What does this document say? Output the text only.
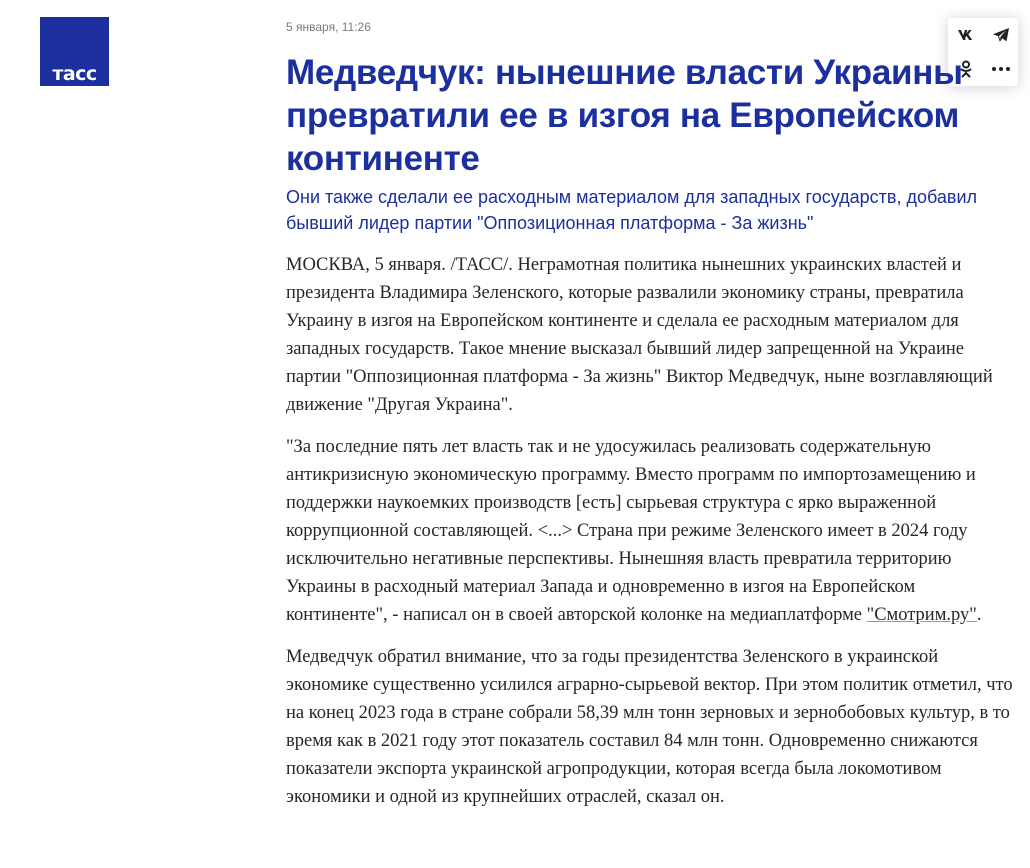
тасс
5 января, 11:26
Медведчук: нынешние власти Украины превратили ее в изгоя на Европейском континенте

Они также сделали ее расходным материалом для западных государств, добавил бывший лидер партии "Оппозиционная платформа - За жизнь"

МОСКВА, 5 января. /ТАСС/. Неграмотная политика нынешних украинских властей и президента Владимира Зеленского, которые развалили экономику страны, превратила Украину в изгоя на Европейском континенте и сделала ее расходным материалом для западных государств. Такое мнение высказал бывший лидер запрещенной на Украине партии "Оппозиционная платформа - За жизнь" Виктор Медведчук, ныне возглавляющий движение "Другая Украина".

"За последние пять лет власть так и не удосужилась реализовать содержательную антикризисную экономическую программу. Вместо программ по импортозамещению и поддержки наукоемких производств [есть] сырьевая структура с ярко выраженной коррупционной составляющей. <...> Страна при режиме Зеленского имеет в 2024 году исключительно негативные перспективы. Нынешняя власть превратила территорию Украины в расходный материал Запада и одновременно в изгоя на Европейском континенте", - написал он в своей авторской колонке на медиаплатформе "Смотрим.ру".

Медведчук обратил внимание, что за годы президентства Зеленского в украинской экономике существенно усилился аграрно-сырьевой вектор. При этом политик отметил, что на конец 2023 года в стране собрали 58,39 млн тонн зерновых и зернобобовых культур, в то время как в 2021 году этот показатель составил 84 млн тонн. Одновременно снижаются показатели экспорта украинской агропродукции, которая всегда была локомотивом экономики и одной из крупнейших отраслей, сказал он.
